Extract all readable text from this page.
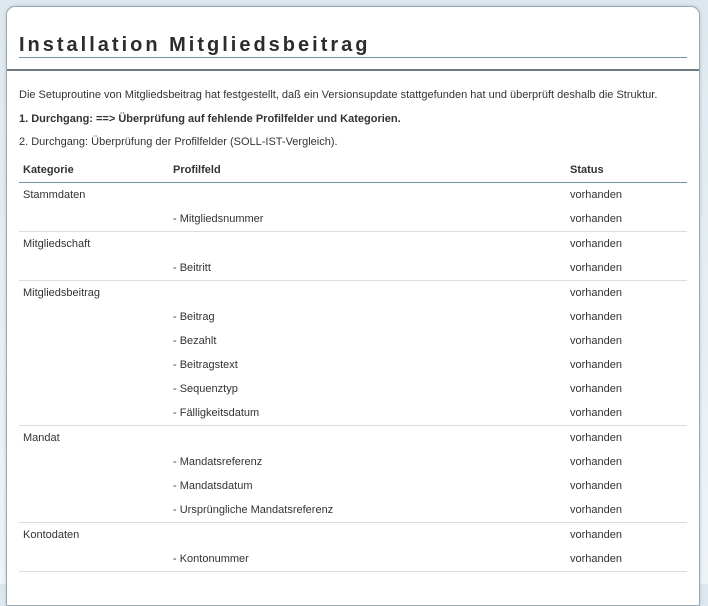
Installation Mitgliedsbeitrag

Die Setuproutine von Mitgliedsbeitrag hat festgestellt, daß ein Versionsupdate stattgefunden hat und überprüft deshalb die Struktur.

1. Durchgang: ==> Überprüfung auf fehlende Profilfelder und Kategorien.

2. Durchgang: Überprüfung der Profilfelder (SOLL-IST-Vergleich).

Kategorie	Profilfeld	Status
Stammdaten		vorhanden
	- Mitgliedsnummer	vorhanden
Mitgliedschaft		vorhanden
	- Beitritt	vorhanden
Mitgliedsbeitrag		vorhanden
	- Beitrag	vorhanden
	- Bezahlt	vorhanden
	- Beitragstext	vorhanden
	- Sequenztyp	vorhanden
	- Fälligkeitsdatum	vorhanden
Mandat		vorhanden
	- Mandatsreferenz	vorhanden
	- Mandatsdatum	vorhanden
	- Ursprüngliche Mandatsreferenz	vorhanden
Kontodaten		vorhanden
	- Kontonummer	vorhanden
